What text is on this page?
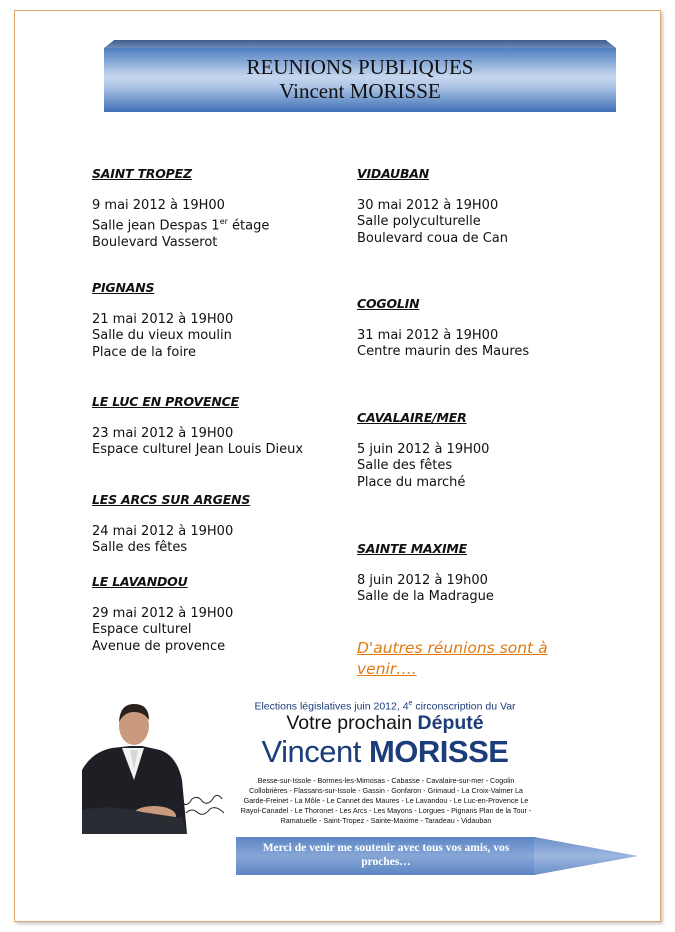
REUNIONS PUBLIQUES
Vincent MORISSE
SAINT TROPEZ
9 mai 2012 à 19H00
Salle jean Despas 1er étage
Boulevard Vasserot
PIGNANS
21 mai 2012 à 19H00
Salle du vieux moulin
Place de la foire
LE LUC EN PROVENCE
23 mai 2012 à 19H00
Espace culturel Jean Louis Dieux
LES ARCS SUR ARGENS
24 mai 2012 à 19H00
Salle des fêtes
LE LAVANDOU
29 mai 2012 à 19H00
Espace culturel
Avenue de provence
VIDAUBAN
30 mai 2012 à 19H00
Salle polyculturelle
Boulevard coua de Can
COGOLIN
31 mai 2012 à 19H00
Centre maurin des Maures
CAVALAIRE/MER
5 juin 2012 à 19H00
Salle des fêtes
Place du marché
SAINTE MAXIME
8 juin 2012 à 19h00
Salle de la Madrague
D'autres réunions sont à venir….
Elections législatives juin 2012, 4e circonscription du Var
Votre prochain Député
Vincent MORISSE
Besse-sur-Issole - Bormes-les-Mimosas - Cabasse - Cavalaire-sur-mer - Cogolin Collobrières - Flassans-sur-Issole - Gassin - Gonfaron - Grimaud - La Croix-Valmer La Garde-Freinet - La Môle - Le Cannet des Maures - Le Lavandou - Le Luc-en-Provence Le Rayol-Canadel - Le Thoronet - Les Arcs - Les Mayons - Lorgues - Pignans Plan de la Tour - Ramatuelle - Saint-Tropez - Sainte-Maxime - Taradeau - Vidauban
Merci de venir me soutenir avec tous vos amis, vos proches…
